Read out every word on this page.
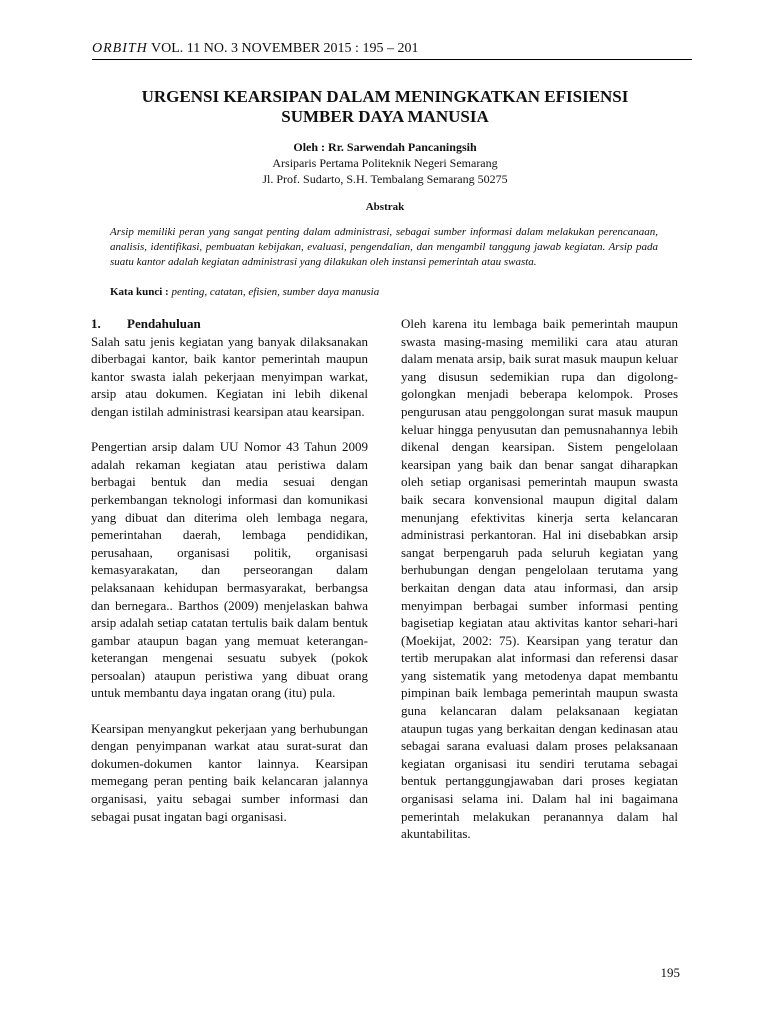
ORBITH VOL. 11 NO. 3 NOVEMBER 2015 : 195 – 201
URGENSI KEARSIPAN DALAM MENINGKATKAN EFISIENSI
SUMBER DAYA MANUSIA
Oleh : Rr. Sarwendah Pancaningsih
Arsiparis Pertama Politeknik Negeri Semarang
Jl. Prof. Sudarto, S.H. Tembalang Semarang 50275
Abstrak
Arsip memiliki peran yang sangat penting dalam administrasi, sebagai sumber informasi dalam melakukan perencanaan, analisis, identifikasi, pembuatan kebijakan, evaluasi, pengendalian, dan mengambil tanggung jawab kegiatan. Arsip pada suatu kantor adalah kegiatan administrasi yang dilakukan oleh instansi pemerintah atau swasta.
Kata kunci : penting, catatan, efisien, sumber daya manusia
1.	Pendahuluan

Salah satu jenis kegiatan yang banyak dilaksanakan diberbagai kantor, baik kantor pemerintah maupun kantor swasta ialah pekerjaan menyimpan warkat, arsip atau dokumen. Kegiatan ini lebih dikenal dengan istilah administrasi kearsipan atau kearsipan.

Pengertian arsip dalam UU Nomor 43 Tahun 2009 adalah rekaman kegiatan atau peristiwa dalam berbagai bentuk dan media sesuai dengan perkembangan teknologi informasi dan komunikasi yang dibuat dan diterima oleh lembaga negara, pemerintahan daerah, lembaga pendidikan, perusahaan, organisasi politik, organisasi kemasyarakatan, dan perseorangan dalam pelaksanaan kehidupan bermasyarakat, berbangsa dan bernegara.. Barthos (2009) menjelaskan bahwa arsip adalah setiap catatan tertulis baik dalam bentuk gambar ataupun bagan yang memuat keterangan-keterangan mengenai sesuatu subyek (pokok persoalan) ataupun peristiwa yang dibuat orang untuk membantu daya ingatan orang (itu) pula.

Kearsipan menyangkut pekerjaan yang berhubungan dengan penyimpanan warkat atau surat-surat dan dokumen-dokumen kantor lainnya. Kearsipan memegang peran penting baik kelancaran jalannya organisasi, yaitu sebagai sumber informasi dan sebagai pusat ingatan bagi organisasi.

Oleh karena itu lembaga baik pemerintah maupun swasta masing-masing memiliki cara atau aturan dalam menata arsip, baik surat masuk maupun keluar yang disusun sedemikian rupa dan digolong-golongkan menjadi beberapa kelompok. Proses pengurusan atau penggolongan surat masuk maupun keluar hingga penyusutan dan pemusnahannya lebih dikenal dengan kearsipan. Sistem pengelolaan kearsipan yang baik dan benar sangat diharapkan oleh setiap organisasi pemerintah maupun swasta baik secara konvensional maupun digital dalam menunjang efektivitas kinerja serta kelancaran administrasi perkantoran. Hal ini disebabkan arsip sangat berpengaruh pada seluruh kegiatan yang berhubungan dengan pengelolaan terutama yang berkaitan dengan data atau informasi, dan arsip menyimpan berbagai sumber informasi penting bagisetiap kegiatan atau aktivitas kantor sehari-hari (Moekijat, 2002: 75). Kearsipan yang teratur dan tertib merupakan alat informasi dan referensi dasar yang sistematik yang metodenya dapat membantu pimpinan baik lembaga pemerintah maupun swasta guna kelancaran dalam pelaksanaan kegiatan ataupun tugas yang berkaitan dengan kedinasan atau sebagai sarana evaluasi dalam proses pelaksanaan kegiatan organisasi itu sendiri terutama sebagai bentuk pertanggungjawaban dari proses kegiatan organisasi selama ini. Dalam hal ini bagaimana pemerintah melakukan peranannya dalam hal akuntabilitas.

195
